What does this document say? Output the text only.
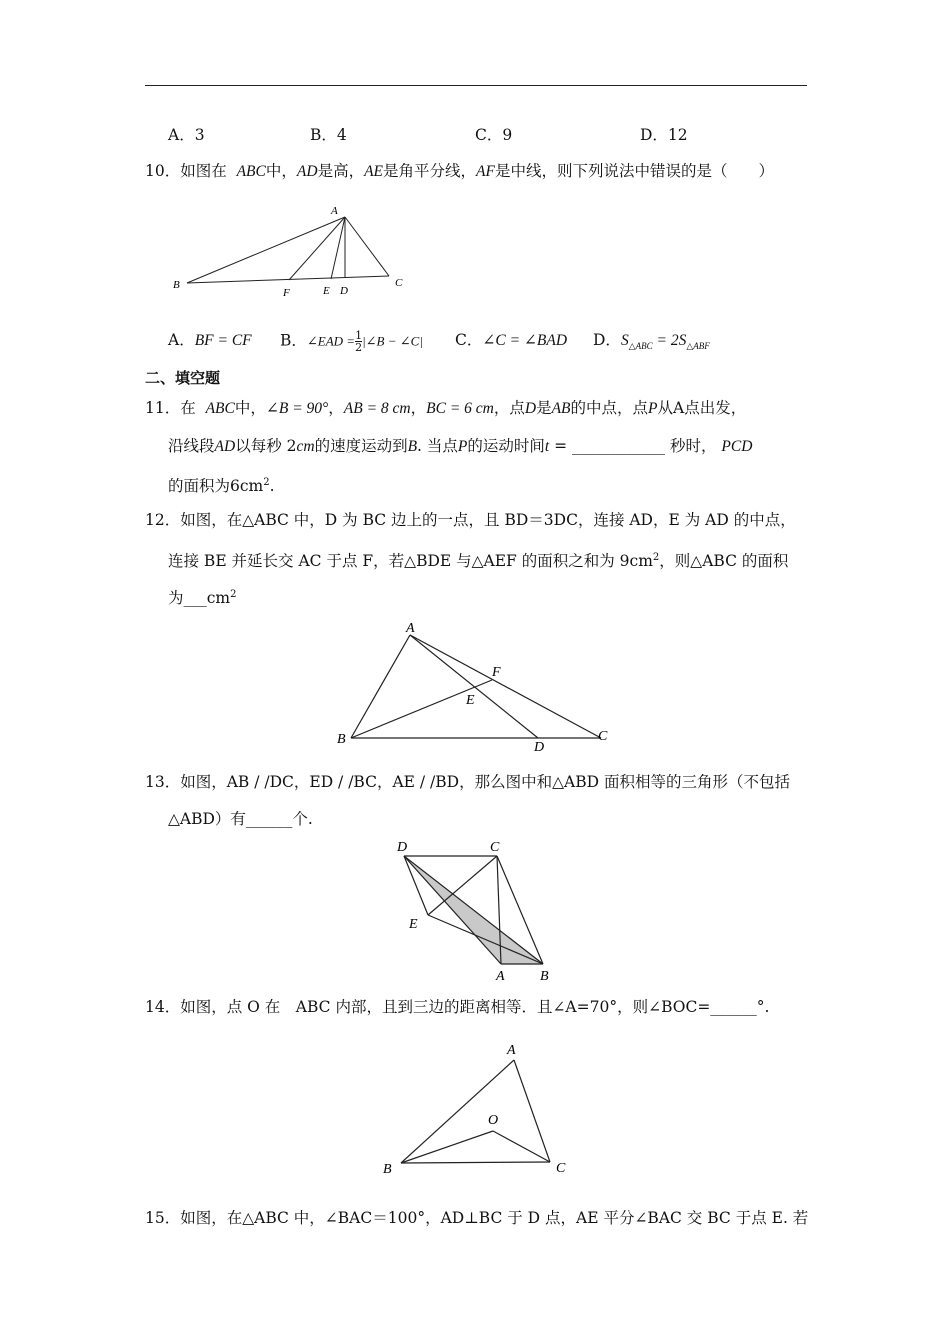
A．3	B．4	C．9	D．12
10．如图在 ABC中，AD是高，AE是角平分线，AF是中线，则下列说法中错误的是（　　）
A
B	C
F	E D
A．BF = CF B．∠EAD = $\frac{1}{2}$ |∠B − ∠C| C．∠C = ∠BAD D．$S_{\triangle ABC} = 2S_{\triangle ABF}$
二、填空题
11．在 ABC中，∠B = 90°，AB = 8 cm，BC = 6 cm，点D是AB的中点，点P从A点出发，
沿线段AD以每秒 2cm的速度运动到B. 当点P的运动时间t = ____________ 秒时， PCD
的面积为$6cm^2$.
12．如图，在△ABC 中，D 为 BC 边上的一点，且 BD＝3DC，连接 AD，E 为 AD 的中点，
连接 BE 并延长交 AC 于点 F，若△BDE 与△AEF 的面积之和为 $9cm^2$，则△ABC 的面积
为$\_\_\_cm^2$
A
B	C
D
E
F
13．如图，AB / /DC，ED / /BC，AE / /BD，那么图中和△ABD 面积相等的三角形（不包括
△ABD）有______个.
D	C
E
A	B
14．如图，点 O 在　ABC 内部，且到三边的距离相等．且∠A=70°，则∠BOC=______°.
A
O
B	C
15．如图，在△ABC 中，∠BAC＝100°，AD⊥BC 于 D 点，AE 平分∠BAC 交 BC 于点 E. 若
